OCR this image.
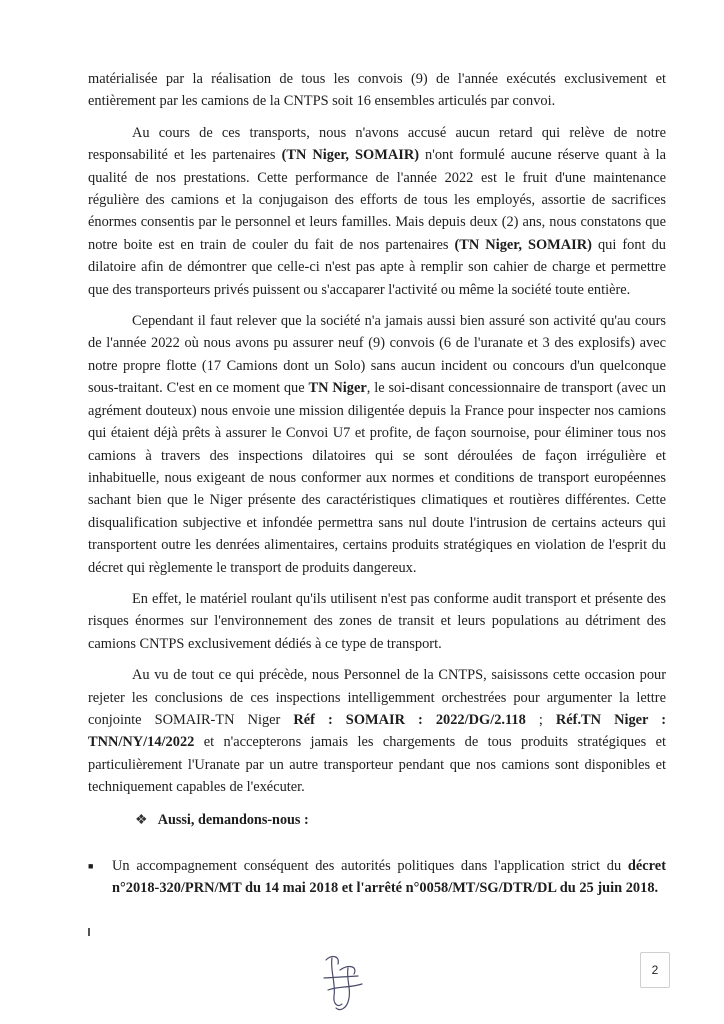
matérialisée par la réalisation de tous les convois (9) de l'année exécutés exclusivement et entièrement par les camions de la CNTPS soit 16 ensembles articulés par convoi.

Au cours de ces transports, nous n'avons accusé aucun retard qui relève de notre responsabilité et les partenaires (TN Niger, SOMAIR) n'ont formulé aucune réserve quant à la qualité de nos prestations. Cette performance de l'année 2022 est le fruit d'une maintenance régulière des camions et la conjugaison des efforts de tous les employés, assortie de sacrifices énormes consentis par le personnel et leurs familles. Mais depuis deux (2) ans, nous constatons que notre boite est en train de couler du fait de nos partenaires (TN Niger, SOMAIR) qui font du dilatoire afin de démontrer que celle-ci n'est pas apte à remplir son cahier de charge et permettre que des transporteurs privés puissent ou s'accaparer l'activité ou même la société toute entière.

Cependant il faut relever que la société n'a jamais aussi bien assuré son activité qu'au cours de l'année 2022 où nous avons pu assurer neuf (9) convois (6 de l'uranate et 3 des explosifs) avec notre propre flotte (17 Camions dont un Solo) sans aucun incident ou concours d'un quelconque sous-traitant. C'est en ce moment que TN Niger, le soi-disant concessionnaire de transport (avec un agrément douteux) nous envoie une mission diligentée depuis la France pour inspecter nos camions qui étaient déjà prêts à assurer le Convoi U7 et profite, de façon sournoise, pour éliminer tous nos camions à travers des inspections dilatoires qui se sont déroulées de façon irrégulière et inhabituelle, nous exigeant de nous conformer aux normes et conditions de transport européennes sachant bien que le Niger présente des caractéristiques climatiques et routières différentes. Cette disqualification subjective et infondée permettra sans nul doute l'intrusion de certains acteurs qui transportent outre les denrées alimentaires, certains produits stratégiques en violation de l'esprit du décret qui règlemente le transport de produits dangereux.

En effet, le matériel roulant qu'ils utilisent n'est pas conforme audit transport et présente des risques énormes sur l'environnement des zones de transit et leurs populations au détriment des camions CNTPS exclusivement dédiés à ce type de transport.

Au vu de tout ce qui précède, nous Personnel de la CNTPS, saisissons cette occasion pour rejeter les conclusions de ces inspections intelligemment orchestrées pour argumenter la lettre conjointe SOMAIR-TN Niger Réf : SOMAIR : 2022/DG/2.118 ; Réf.TN Niger : TNN/NY/14/2022 et n'accepterons jamais les chargements de tous produits stratégiques et particulièrement l'Uranate par un autre transporteur pendant que nos camions sont disponibles et techniquement capables de l'exécuter.

❖ Aussi, demandons-nous :
■ Un accompagnement conséquent des autorités politiques dans l'application strict du décret n°2018-320/PRN/MT du 14 mai 2018 et l'arrêté n°0058/MT/SG/DTR/DL du 25 juin 2018.
2
